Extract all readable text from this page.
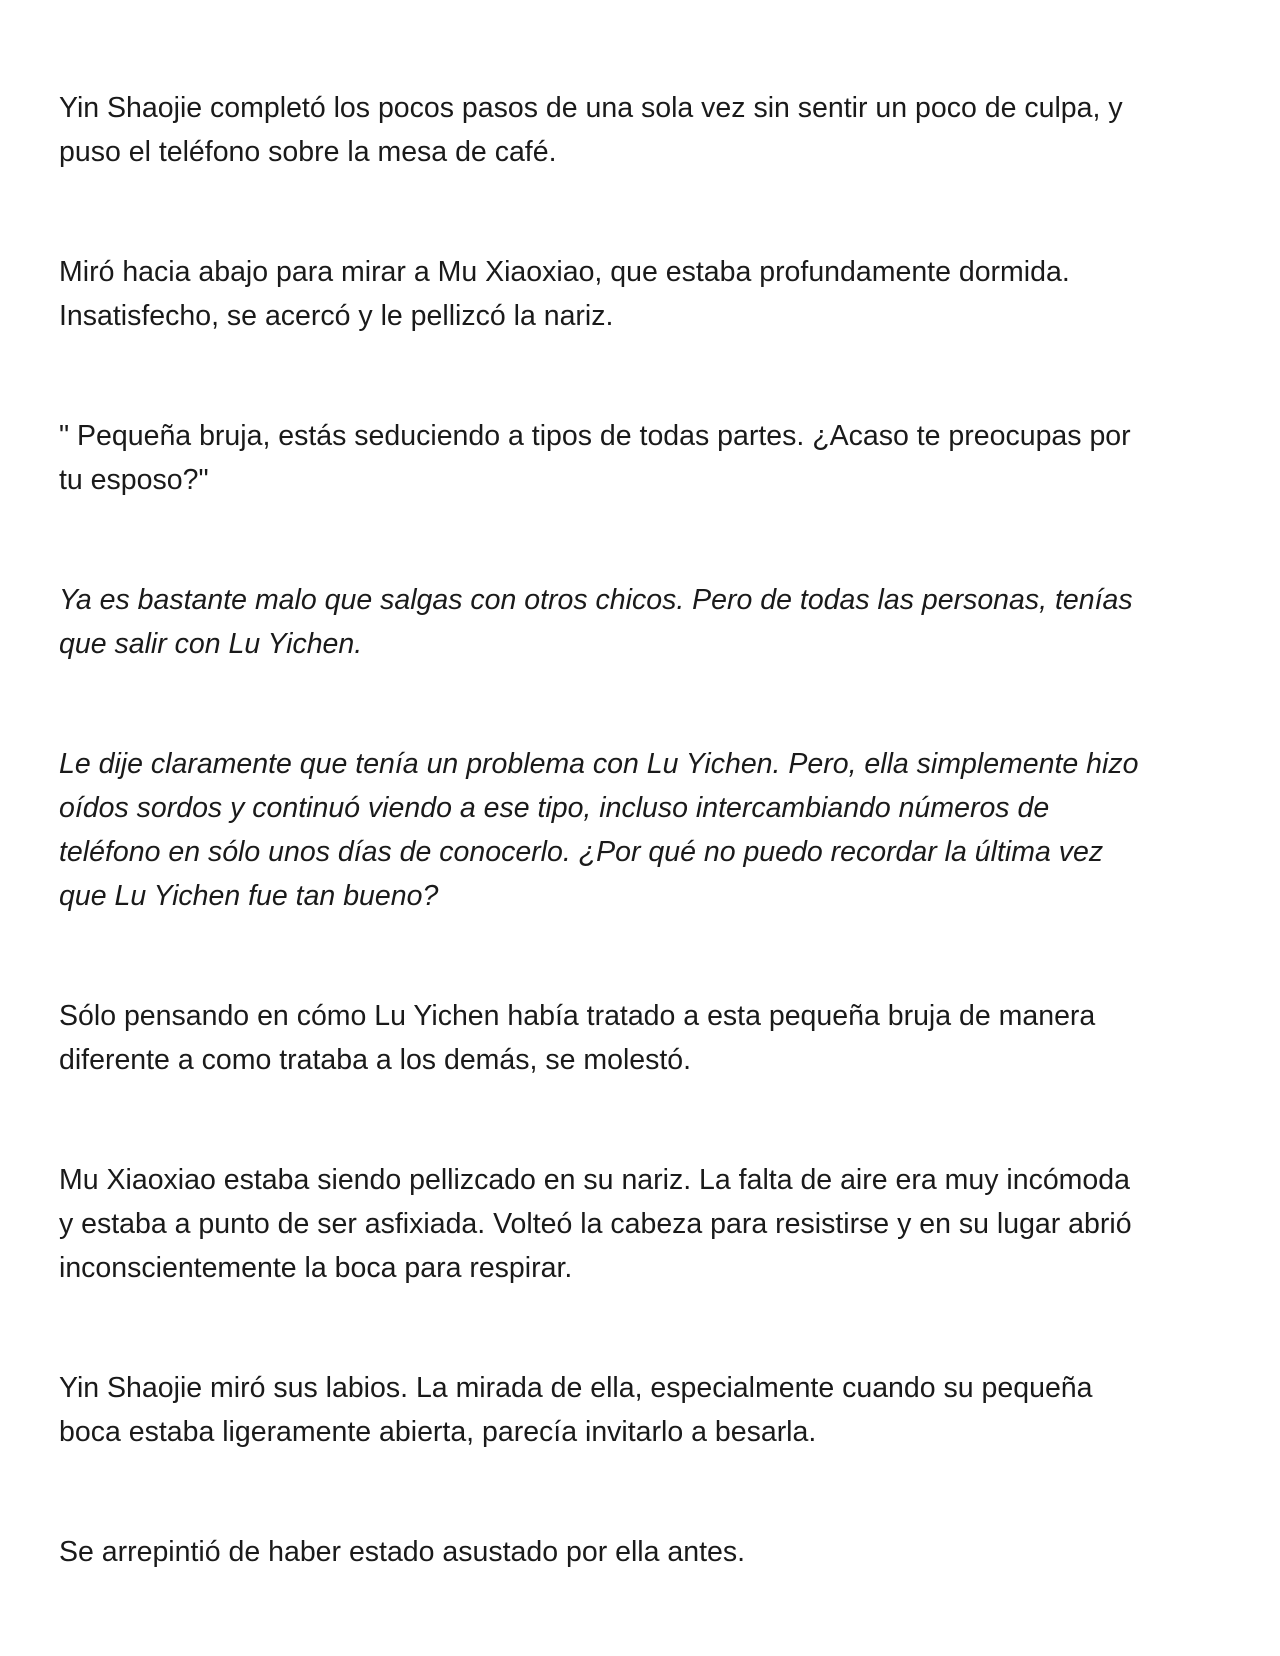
Yin Shaojie completó los pocos pasos de una sola vez sin sentir un poco de culpa, y
puso el teléfono sobre la mesa de café.

Miró hacia abajo para mirar a Mu Xiaoxiao, que estaba profundamente dormida.
Insatisfecho, se acercó y le pellizcó la nariz.

" Pequeña bruja, estás seduciendo a tipos de todas partes. ¿Acaso te preocupas por
tu esposo?"

Ya es bastante malo que salgas con otros chicos. Pero de todas las personas, tenías
que salir con Lu Yichen.

Le dije claramente que tenía un problema con Lu Yichen. Pero, ella simplemente hizo
oídos sordos y continuó viendo a ese tipo, incluso intercambiando números de
teléfono en sólo unos días de conocerlo. ¿Por qué no puedo recordar la última vez
que Lu Yichen fue tan bueno?

Sólo pensando en cómo Lu Yichen había tratado a esta pequeña bruja de manera
diferente a como trataba a los demás, se molestó.

Mu Xiaoxiao estaba siendo pellizcado en su nariz. La falta de aire era muy incómoda
y estaba a punto de ser asfixiada. Volteó la cabeza para resistirse y en su lugar abrió
inconscientemente la boca para respirar.

Yin Shaojie miró sus labios. La mirada de ella, especialmente cuando su pequeña
boca estaba ligeramente abierta, parecía invitarlo a besarla.

Se arrepintió de haber estado asustado por ella antes.
